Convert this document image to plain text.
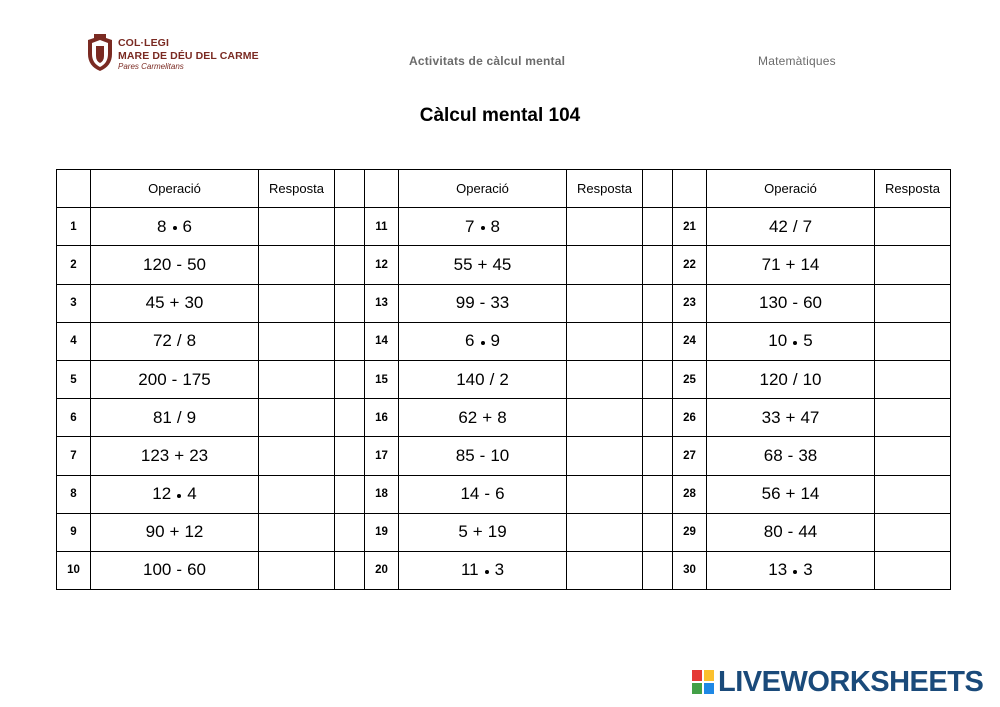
COL·LEGI
MARE DE DÉU DEL CARME
Pares Carmelitans	Activitats de càlcul mental	Matemàtiques
Càlcul mental 104
	Operació	Resposta			Operació	Resposta			Operació	Resposta
1	8 6			11	7 8			21	42 / 7	
2	120 - 50			12	55 + 45			22	71 + 14	
3	45 + 30			13	99 - 33			23	130 - 60	
4	72 / 8			14	6 9			24	10 5	
5	200 - 175			15	140 / 2			25	120 / 10	
6	81 / 9			16	62 + 8			26	33 + 47	
7	123 + 23			17	85 - 10			27	68 - 38	
8	12 4			18	14 - 6			28	56 + 14	
9	90 + 12			19	5 + 19			29	80 - 44	
10	100 - 60			20	11 3			30	13 3	
LIVEWORKSHEETS
